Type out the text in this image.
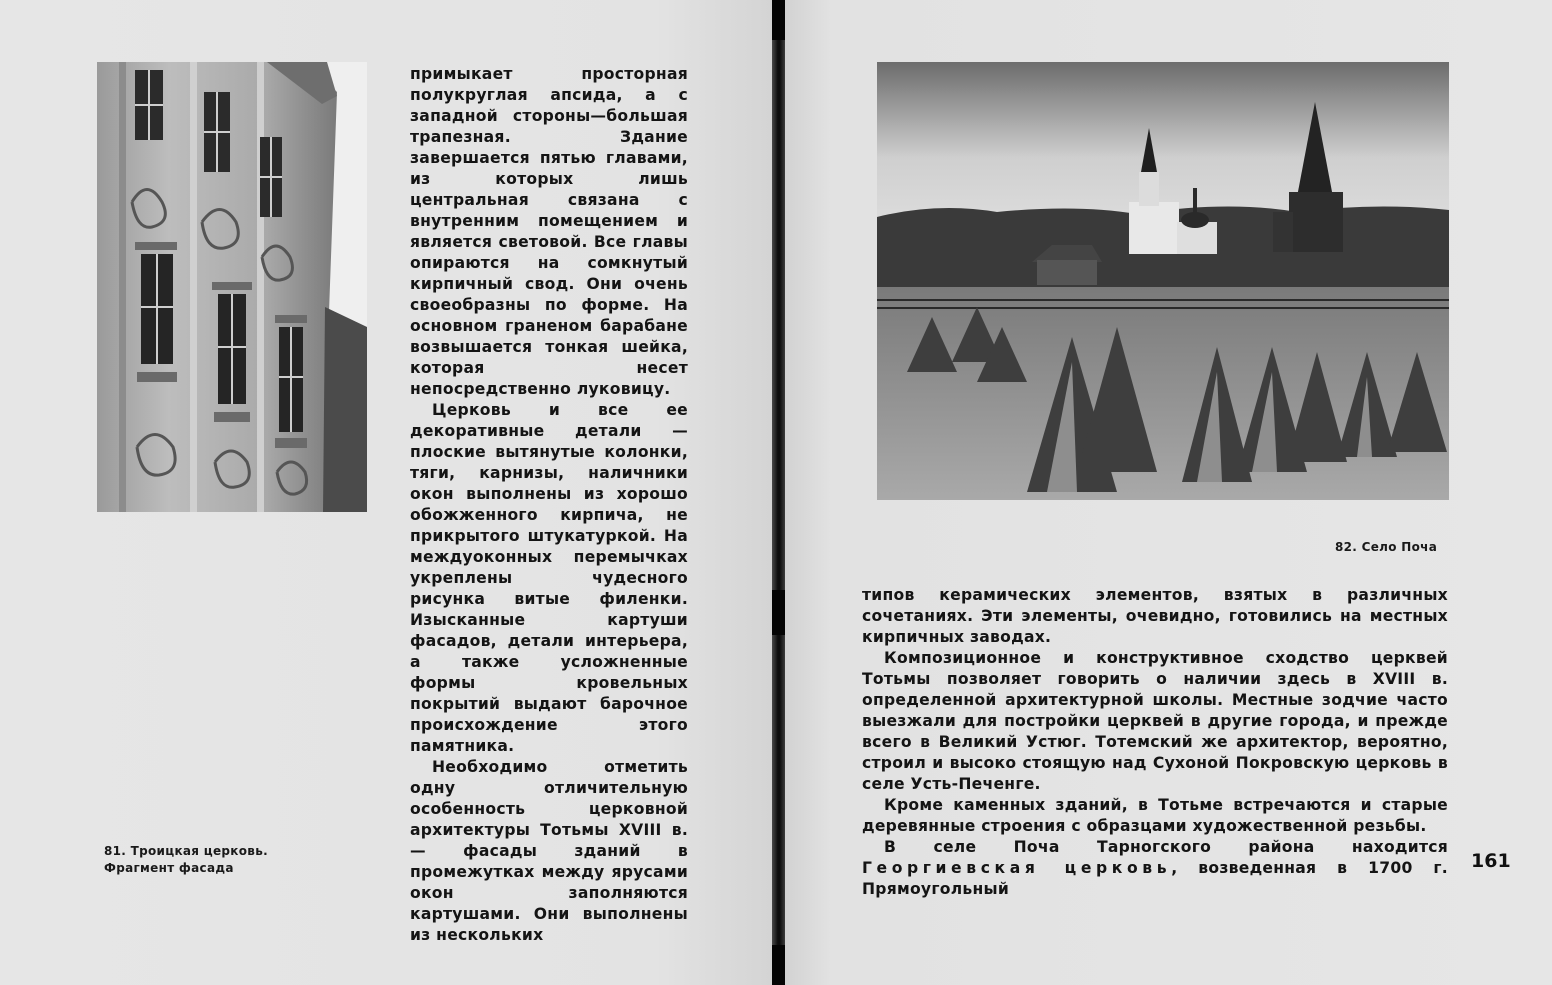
81. Троицкая церковь.
Фрагмент фасада

примыкает просторная полукруглая апсида, а с западной стороны—большая трапезная. Здание завершается пятью главами, из которых лишь центральная связана с внутренним помещением и является световой. Все главы опираются на сомкнутый кирпичный свод. Они очень своеобразны по форме. На основном граненом барабане возвышается тонкая шейка, которая несет непосредственно луковицу.

Церковь и все ее декоративные детали — плоские вытянутые колонки, тяги, карнизы, наличники окон выполнены из хорошо обожженного кирпича, не прикрытого штукатуркой. На междуоконных перемычках укреплены чудесного рисунка витые филенки. Изысканные картуши фасадов, детали интерьера, а также усложненные формы кровельных покрытий выдают барочное происхождение этого памятника.

Необходимо отметить одну отличительную особенность церковной архитектуры Тотьмы XVIII в.— фасады зданий в промежутках между ярусами окон заполняются картушами. Они выполнены из нескольких

82. Село Поча

типов керамических элементов, взятых в различных сочетаниях. Эти элементы, очевидно, готовились на местных кирпичных заводах.

Композиционное и конструктивное сходство церквей Тотьмы позволяет говорить о наличии здесь в XVIII в. определенной архитектурной школы. Местные зодчие часто выезжали для постройки церквей в другие города, и прежде всего в Великий Устюг. Тотемский же архитектор, вероятно, строил и высоко стоящую над Сухоной Покровскую церковь в селе Усть-Печенге.

Кроме каменных зданий, в Тотьме встречаются и старые деревянные строения с образцами художественной резьбы.

В селе Поча Тарногского района находится Георгиевская церковь, возведенная в 1700 г. Прямоугольный

161
